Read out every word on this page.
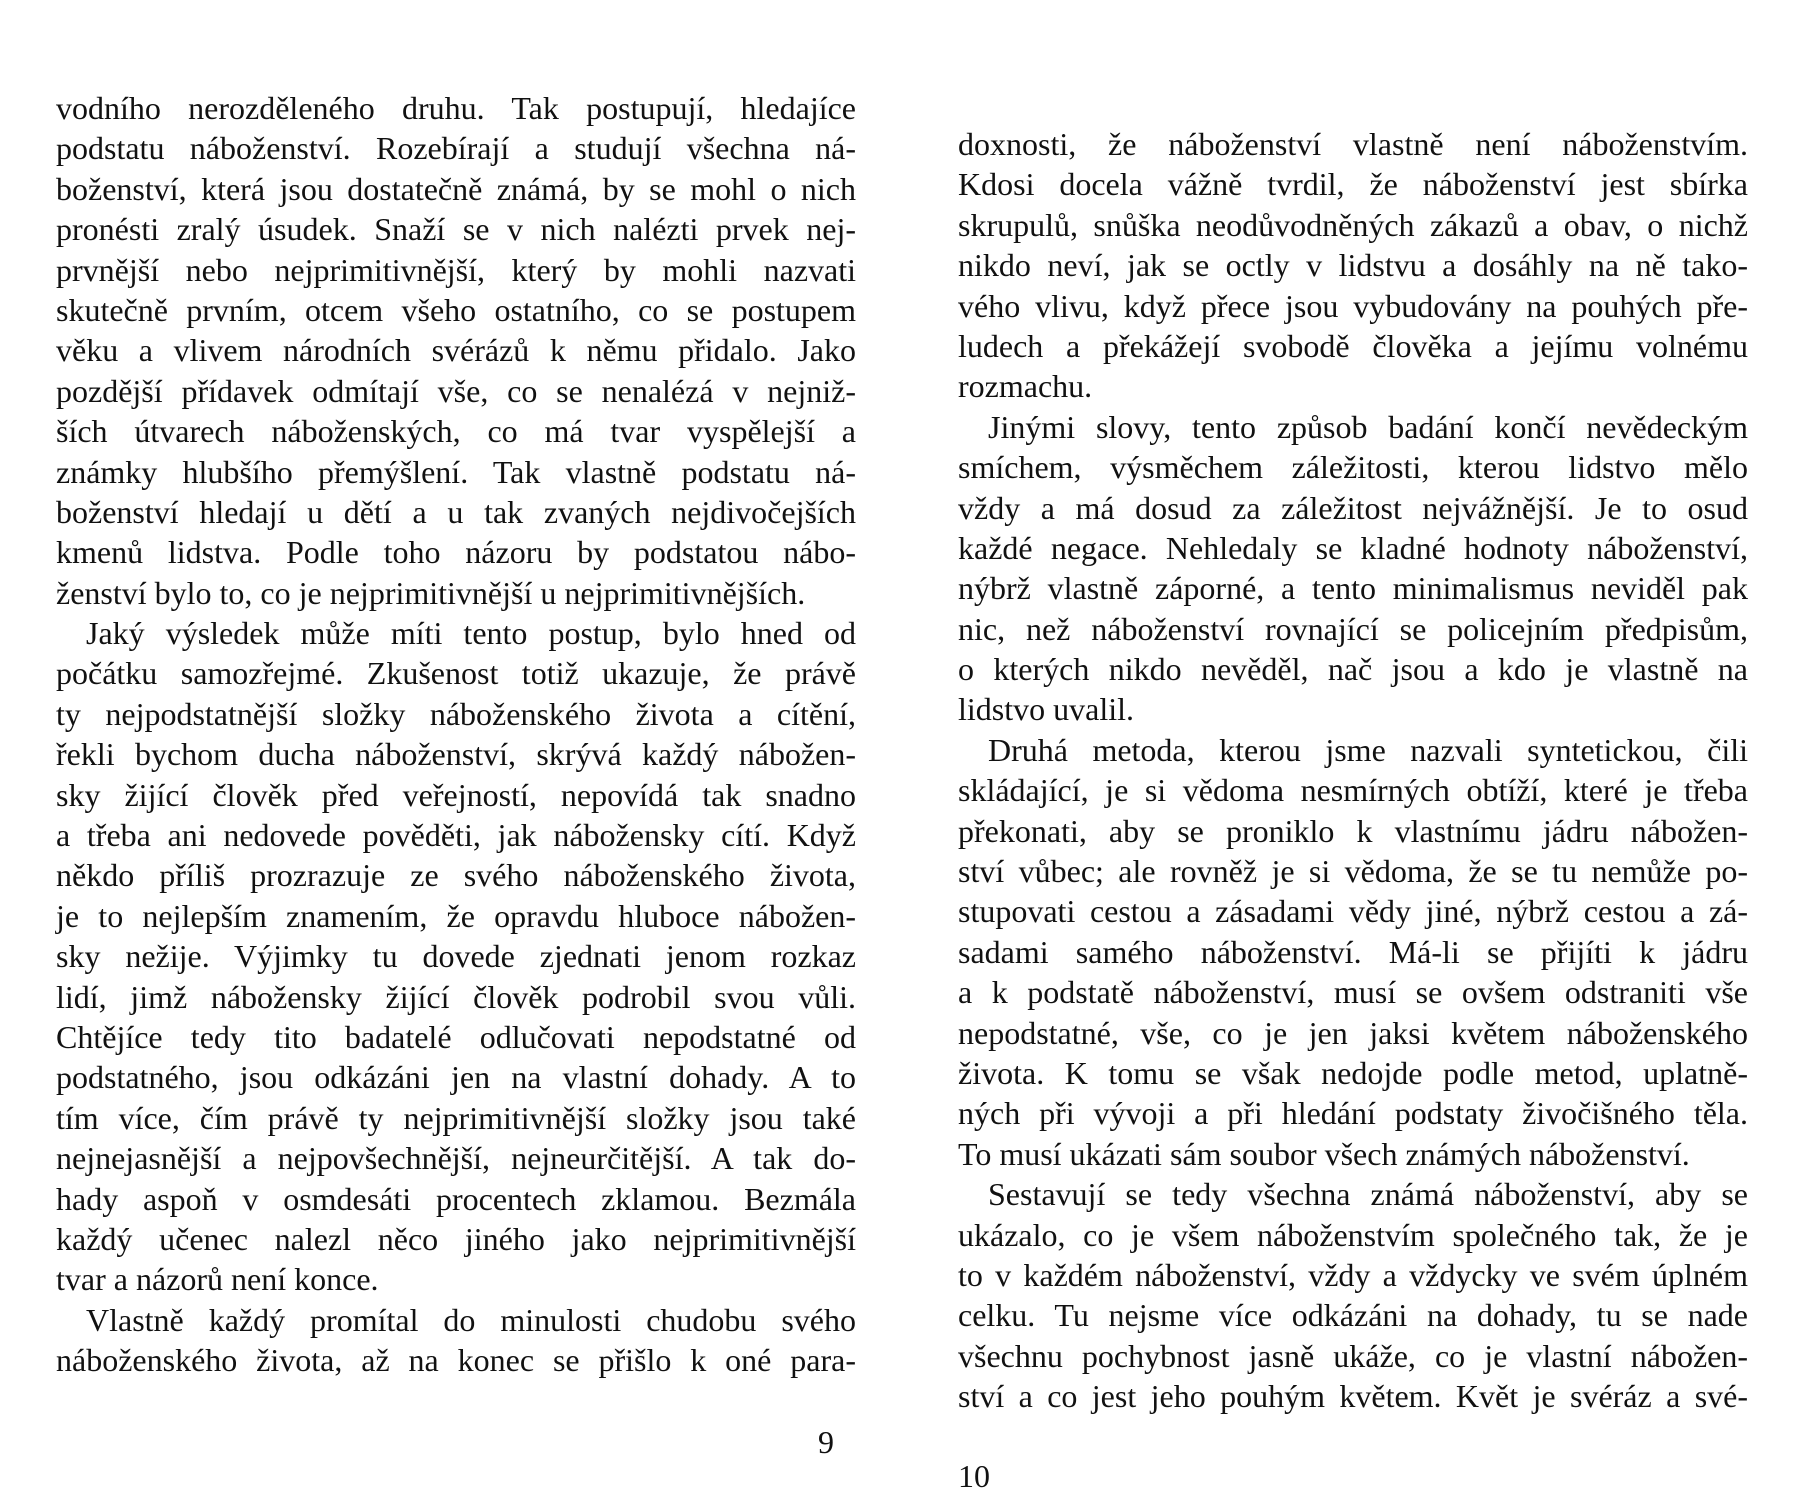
vodního nerozděleného druhu. Tak postupují, hledajíce
podstatu náboženství. Rozebírají a studují všechna ná-
boženství, která jsou dostatečně známá, by se mohl o nich
pronésti zralý úsudek. Snaží se v nich nalézti prvek nej-
prvnější nebo nejprimitivnější, který by mohli nazvati
skutečně prvním, otcem všeho ostatního, co se postupem
věku a vlivem národních svérázů k němu přidalo. Jako
pozdější přídavek odmítají vše, co se nenalézá v nejniž-
ších útvarech náboženských, co má tvar vyspělejší a
známky hlubšího přemýšlení. Tak vlastně podstatu ná-
boženství hledají u dětí a u tak zvaných nejdivočejších
kmenů lidstva. Podle toho názoru by podstatou nábo-
ženství bylo to, co je nejprimitivnější u nejprimitivnějších.
Jaký výsledek může míti tento postup, bylo hned od
počátku samozřejmé. Zkušenost totiž ukazuje, že právě
ty nejpodstatnější složky náboženského života a cítění,
řekli bychom ducha náboženství, skrývá každý nábožen-
sky žijící člověk před veřejností, nepovídá tak snadno
a třeba ani nedovede pověděti, jak nábožensky cítí. Když
někdo příliš prozrazuje ze svého náboženského života,
je to nejlepším znamením, že opravdu hluboce nábožen-
sky nežije. Výjimky tu dovede zjednati jenom rozkaz
lidí, jimž nábožensky žijící člověk podrobil svou vůli.
Chtějíce tedy tito badatelé odlučovati nepodstatné od
podstatného, jsou odkázáni jen na vlastní dohady. A to
tím více, čím právě ty nejprimitivnější složky jsou také
nejnejasnější a nejpovšechnější, nejneurčitější. A tak do-
hady aspoň v osmdesáti procentech zklamou. Bezmála
každý učenec nalezl něco jiného jako nejprimitivnější
tvar a názorů není konce.
Vlastně každý promítal do minulosti chudobu svého
náboženského života, až na konec se přišlo k oné para-
9
doxnosti, že náboženství vlastně není náboženstvím.
Kdosi docela vážně tvrdil, že náboženství jest sbírka
skrupulů, snůška neodůvodněných zákazů a obav, o nichž
nikdo neví, jak se octly v lidstvu a dosáhly na ně tako-
vého vlivu, když přece jsou vybudovány na pouhých pře-
ludech a překážejí svobodě člověka a jejímu volnému
rozmachu.
Jinými slovy, tento způsob badání končí nevědeckým
smíchem, výsměchem záležitosti, kterou lidstvo mělo
vždy a má dosud za záležitost nejvážnější. Je to osud
každé negace. Nehledaly se kladné hodnoty náboženství,
nýbrž vlastně záporné, a tento minimalismus neviděl pak
nic, než náboženství rovnající se policejním předpisům,
o kterých nikdo nevěděl, nač jsou a kdo je vlastně na
lidstvo uvalil.
Druhá metoda, kterou jsme nazvali syntetickou, čili
skládající, je si vědoma nesmírných obtíží, které je třeba
překonati, aby se proniklo k vlastnímu jádru nábožen-
ství vůbec; ale rovněž je si vědoma, že se tu nemůže po-
stupovati cestou a zásadami vědy jiné, nýbrž cestou a zá-
sadami samého náboženství. Má-li se přijíti k jádru
a k podstatě náboženství, musí se ovšem odstraniti vše
nepodstatné, vše, co je jen jaksi květem náboženského
života. K tomu se však nedojde podle metod, uplatně-
ných při vývoji a při hledání podstaty živočišného těla.
To musí ukázati sám soubor všech známých náboženství.
Sestavují se tedy všechna známá náboženství, aby se
ukázalo, co je všem náboženstvím společného tak, že je
to v každém náboženství, vždy a vždycky ve svém úplném
celku. Tu nejsme více odkázáni na dohady, tu se nade
všechnu pochybnost jasně ukáže, co je vlastní nábožen-
ství a co jest jeho pouhým květem. Květ je svéráz a své-
10
